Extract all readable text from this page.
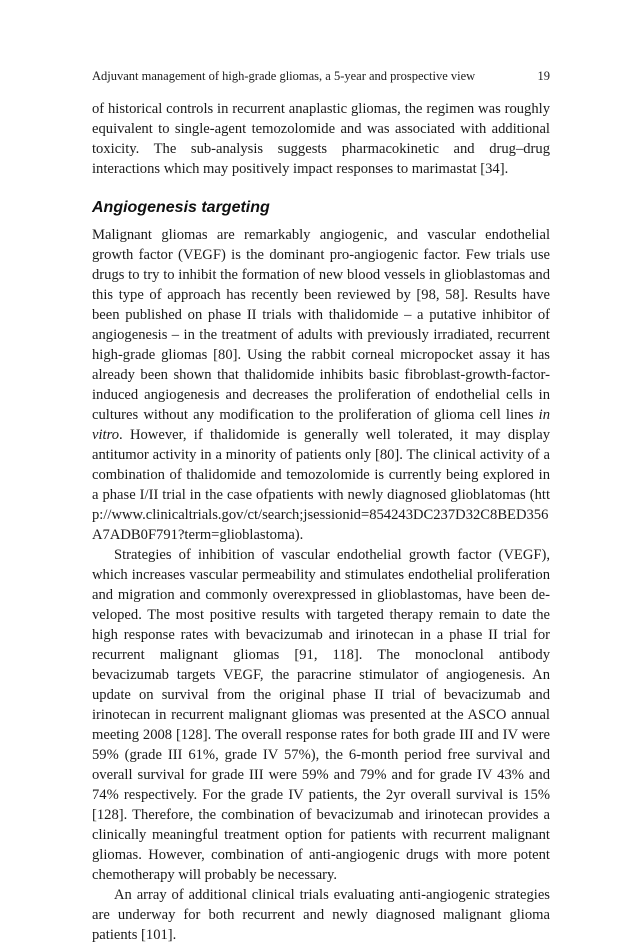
Adjuvant management of high-grade gliomas, a 5-year and prospective view	19

of historical controls in recurrent anaplastic gliomas, the regimen was roughly equivalent to single-agent temozolomide and was associated with additional toxicity. The sub-analysis suggests pharmacokinetic and drug–drug interactions which may positively impact responses to marimastat [34].

Angiogenesis targeting

Malignant gliomas are remarkably angiogenic, and vascular endothelial growth factor (VEGF) is the dominant pro-angiogenic factor. Few trials use drugs to try to inhibit the formation of new blood vessels in glioblastomas and this type of approach has recently been reviewed by [98, 58]. Results have been published on phase II trials with thalidomide – a putative inhibitor of angiogenesis – in the treatment of adults with previously irradiated, recurrent high-grade gliomas [80]. Using the rabbit corneal micropocket assay it has already been shown that thalidomide inhibits basic fibroblast-growth-factor-induced angiogenesis and decreases the proliferation of endothelial cells in cultures without any modification to the proliferation of glioma cell lines in vitro. However, if thalidomide is generally well tolerated, it may display antitumor activity in a minority of patients only [80]. The clinical activity of a combination of thalidomide and temozolomide is currently being explored in a phase I/II trial in the case ofpatients with newly diagnosed glioblatomas (http://www.clinicaltrials.gov/ct/search;jsessionid=854243DC237D32C8BED356A7ADB0F791?term=glioblastoma).

Strategies of inhibition of vascular endothelial growth factor (VEGF), which increases vascular permeability and stimulates endothelial proliferation and migration and commonly overexpressed in glioblastomas, have been developed. The most positive results with targeted therapy remain to date the high response rates with bevacizumab and irinotecan in a phase II trial for recurrent malignant gliomas [91, 118]. The monoclonal antibody bevacizumab targets VEGF, the paracrine stimulator of angiogenesis. An update on survival from the original phase II trial of bevacizumab and irinotecan in recurrent malignant gliomas was presented at the ASCO annual meeting 2008 [128]. The overall response rates for both grade III and IV were 59% (grade III 61%, grade IV 57%), the 6-month period free survival and overall survival for grade III were 59% and 79% and for grade IV 43% and 74% respectively. For the grade IV patients, the 2yr overall survival is 15% [128]. Therefore, the combination of bevacizumab and irinotecan provides a clinically meaningful treatment option for patients with recurrent malignant gliomas. However, combination of anti-angiogenic drugs with more potent chemotherapy will probably be necessary.

An array of additional clinical trials evaluating anti-angiogenic strategies are underway for both recurrent and newly diagnosed malignant glioma patients [101].
